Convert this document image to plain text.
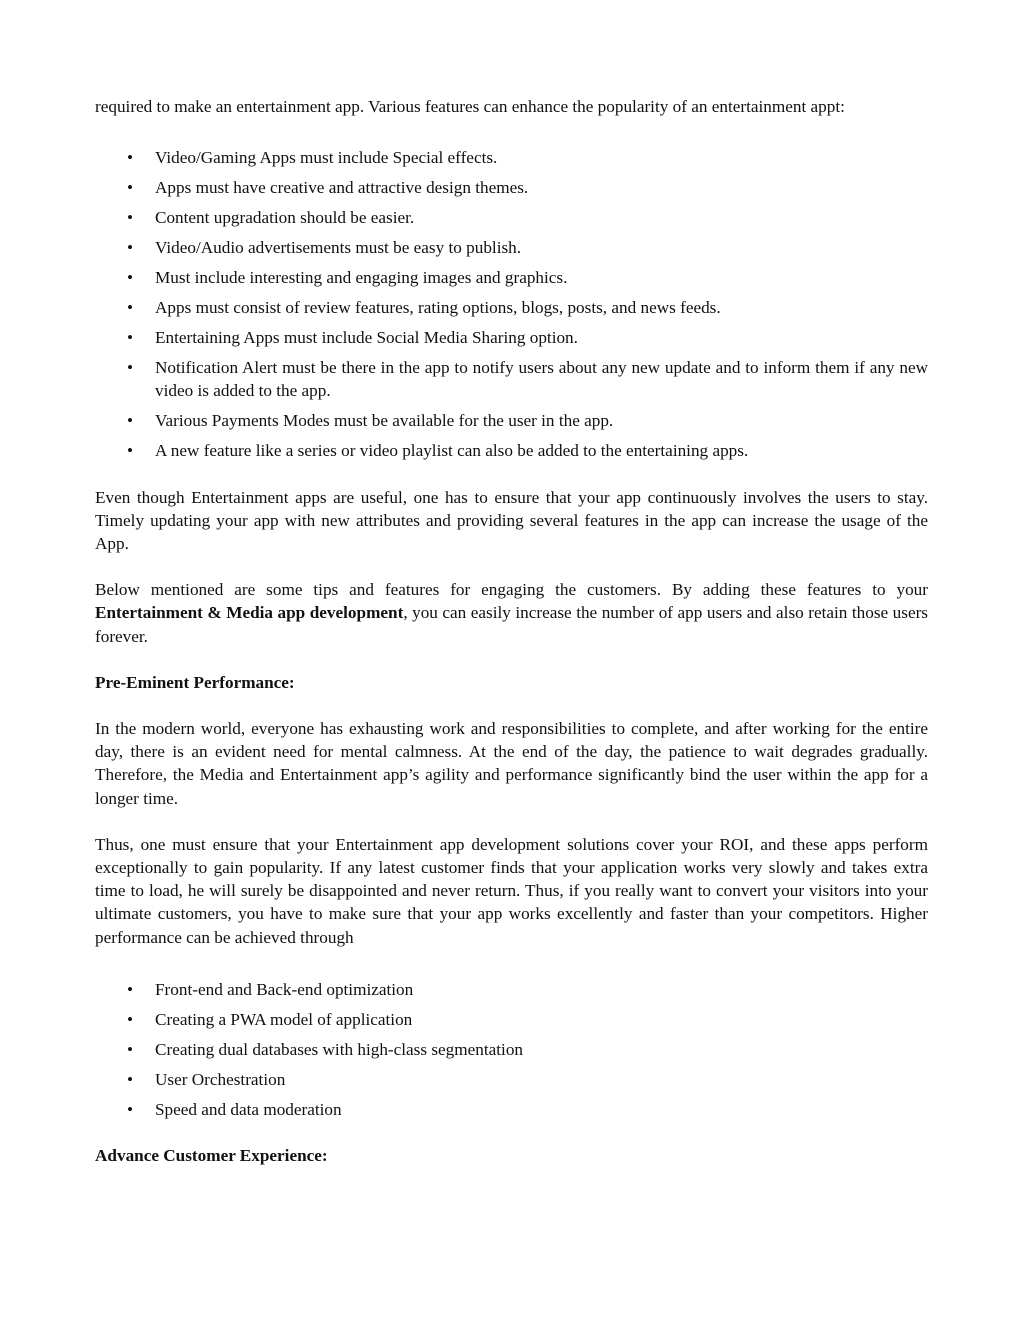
required to make an entertainment app. Various features can enhance the popularity of an entertainment appt:

• Video/Gaming Apps must include Special effects.
• Apps must have creative and attractive design themes.
• Content upgradation should be easier.
• Video/Audio advertisements must be easy to publish.
• Must include interesting and engaging images and graphics.
• Apps must consist of review features, rating options, blogs, posts, and news feeds.
• Entertaining Apps must include Social Media Sharing option.
• Notification Alert must be there in the app to notify users about any new update and to inform them if any new video is added to the app.
• Various Payments Modes must be available for the user in the app.
• A new feature like a series or video playlist can also be added to the entertaining apps.

Even though Entertainment apps are useful, one has to ensure that your app continuously involves the users to stay. Timely updating your app with new attributes and providing several features in the app can increase the usage of the App.

Below mentioned are some tips and features for engaging the customers. By adding these features to your Entertainment & Media app development, you can easily increase the number of app users and also retain those users forever.

Pre-Eminent Performance:

In the modern world, everyone has exhausting work and responsibilities to complete, and after working for the entire day, there is an evident need for mental calmness. At the end of the day, the patience to wait degrades gradually. Therefore, the Media and Entertainment app’s agility and performance significantly bind the user within the app for a longer time.

Thus, one must ensure that your Entertainment app development solutions cover your ROI, and these apps perform exceptionally to gain popularity. If any latest customer finds that your application works very slowly and takes extra time to load, he will surely be disappointed and never return. Thus, if you really want to convert your visitors into your ultimate customers, you have to make sure that your app works excellently and faster than your competitors. Higher performance can be achieved through

• Front-end and Back-end optimization
• Creating a PWA model of application
• Creating dual databases with high-class segmentation
• User Orchestration
• Speed and data moderation

Advance Customer Experience:
